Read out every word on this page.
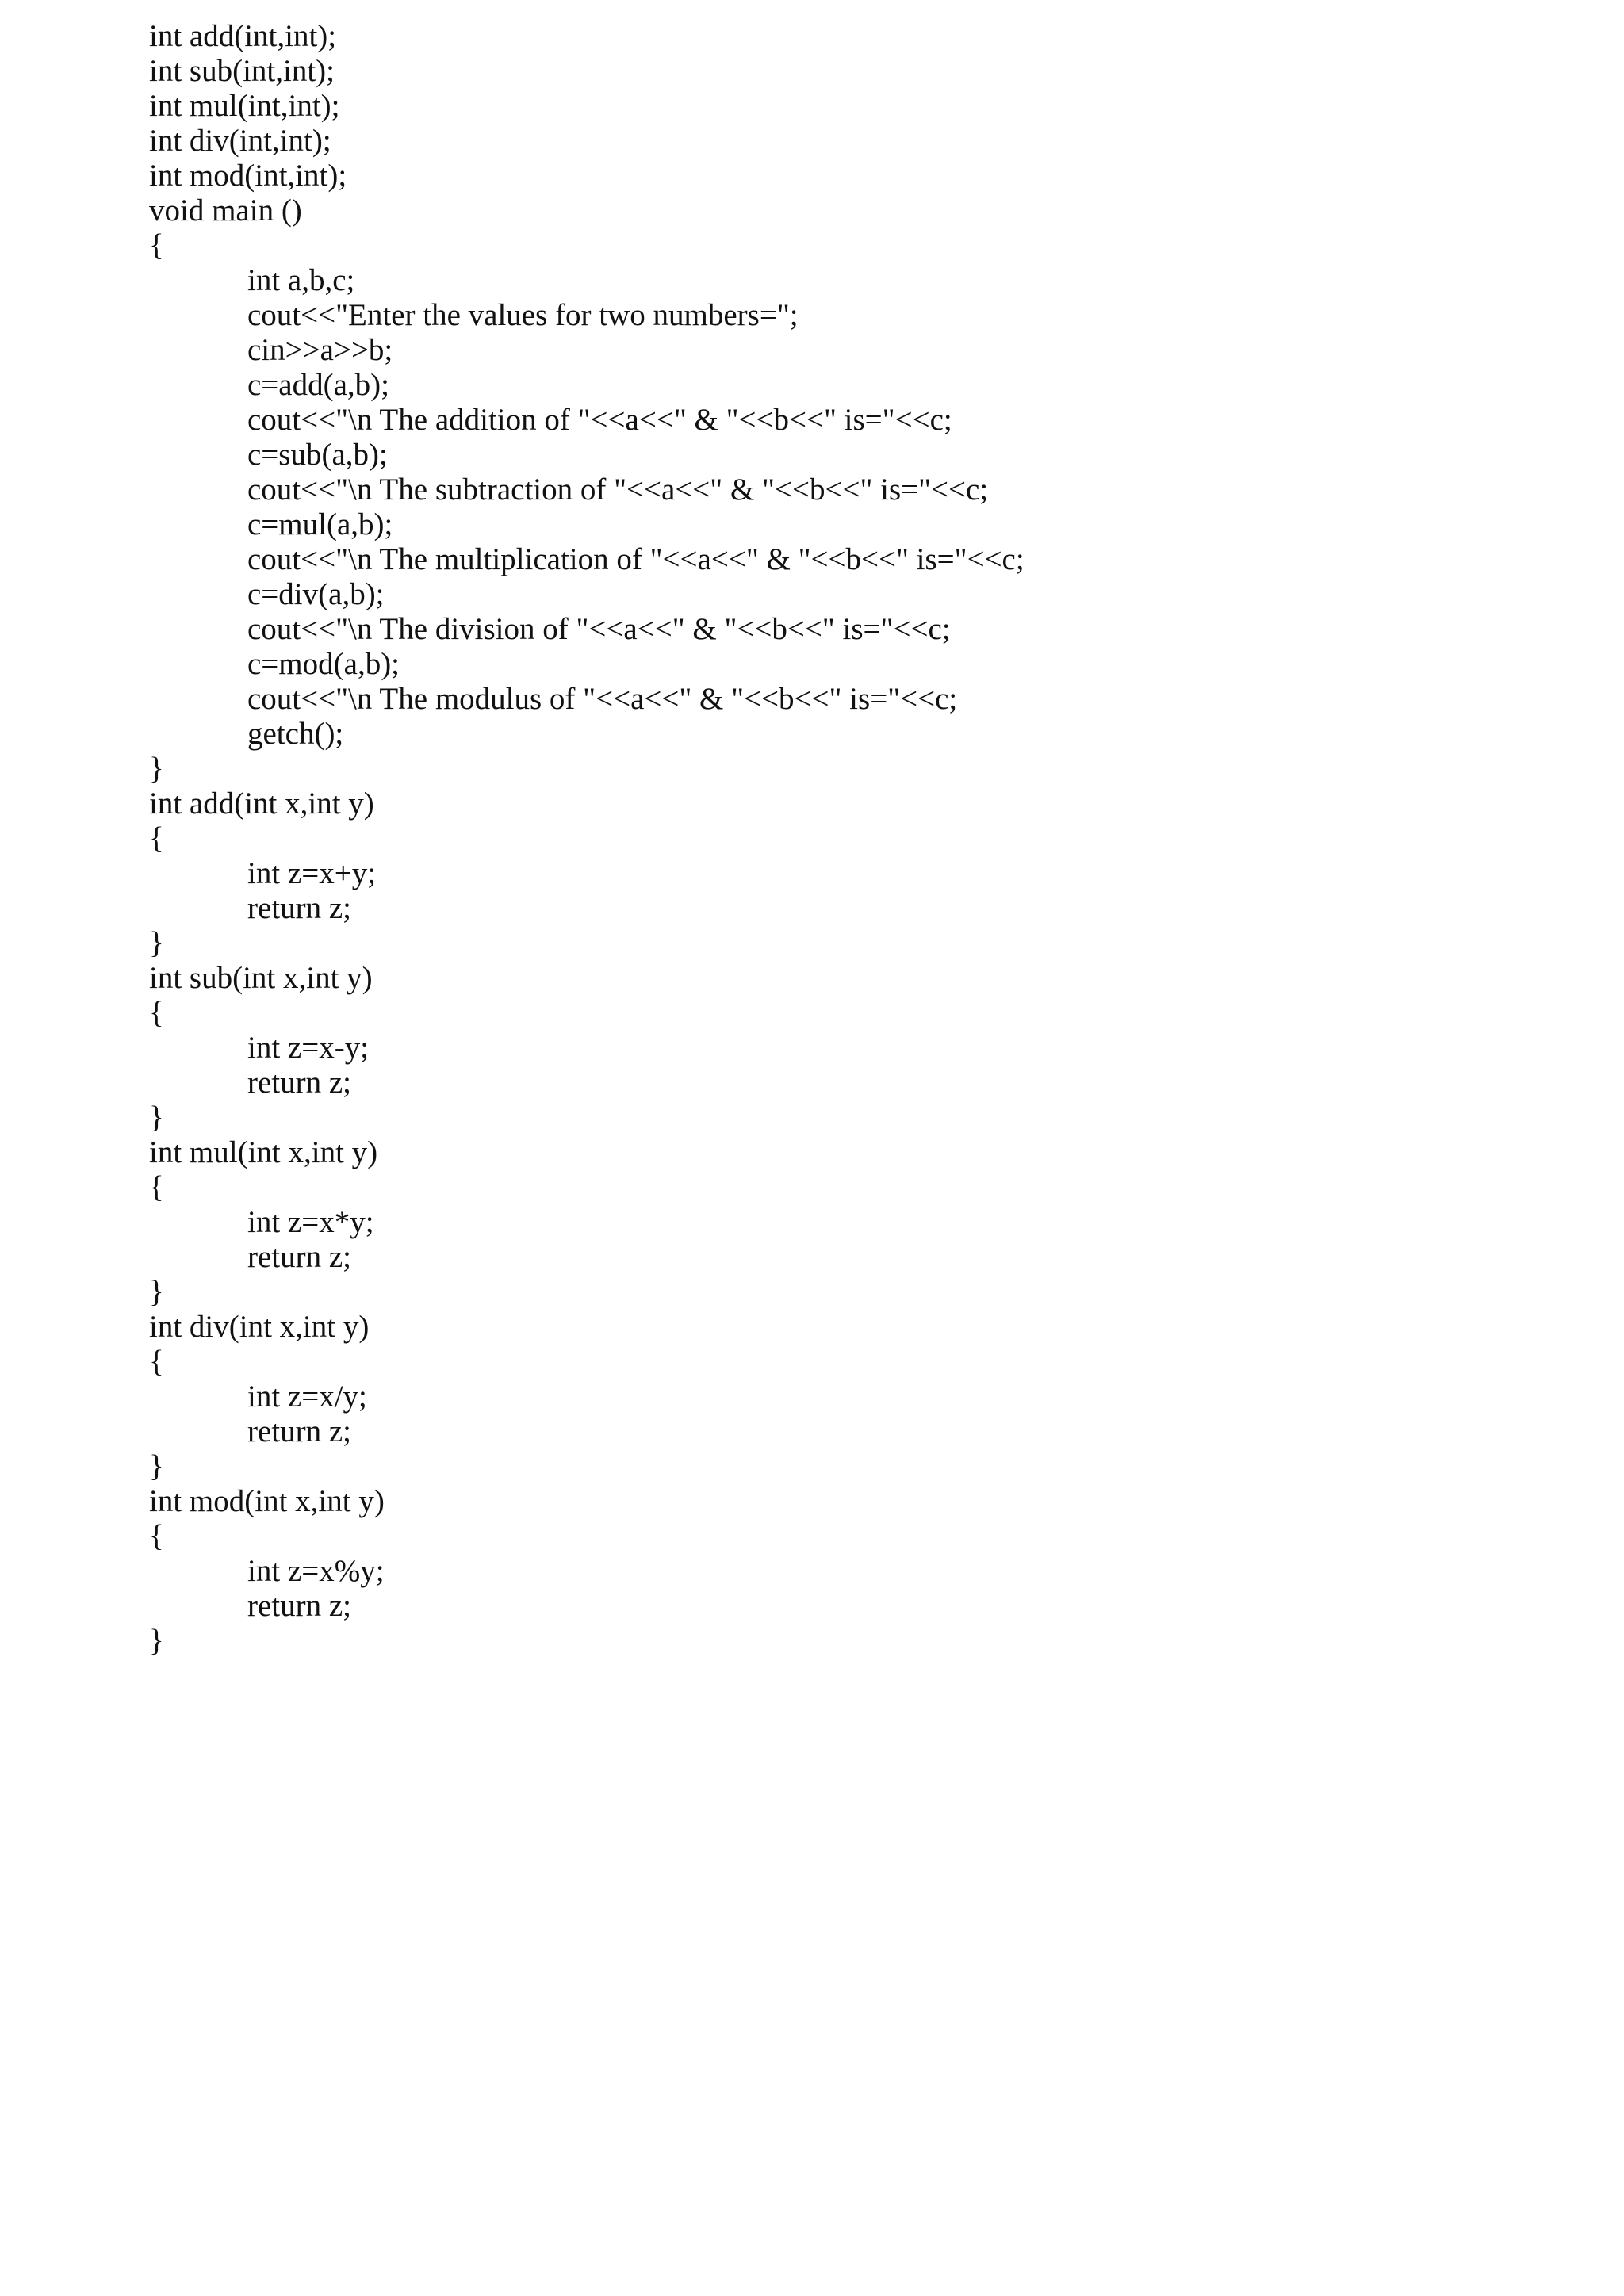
int add(int,int);
int sub(int,int);
int mul(int,int);
int div(int,int);
int mod(int,int);
void main ()
{
int a,b,c;
cout<<"Enter the values for two numbers=";
cin>>a>>b;
c=add(a,b);
cout<<"\n The addition of "<<a<<" & "<<b<<" is="<<c;
c=sub(a,b);
cout<<"\n The subtraction of "<<a<<" & "<<b<<" is="<<c;
c=mul(a,b);
cout<<"\n The multiplication of "<<a<<" & "<<b<<" is="<<c;
c=div(a,b);
cout<<"\n The division of "<<a<<" & "<<b<<" is="<<c;
c=mod(a,b);
cout<<"\n The modulus of "<<a<<" & "<<b<<" is="<<c;
getch();
}
int add(int x,int y)
{
int z=x+y;
return z;
}
int sub(int x,int y)
{
int z=x-y;
return z;
}
int mul(int x,int y)
{
int z=x*y;
return z;
}
int div(int x,int y)
{
int z=x/y;
return z;
}
int mod(int x,int y)
{
int z=x%y;
return z;
}
